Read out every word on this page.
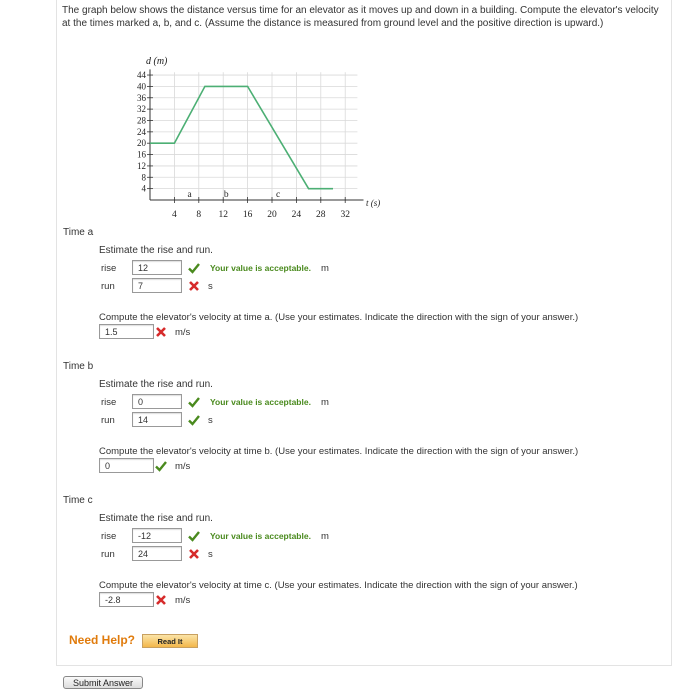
The graph below shows the distance versus time for an elevator as it moves up and down in a building. Compute the elevator's velocity at the times marked a, b, and c. (Assume the distance is measured from ground level and the positive direction is upward.)
d (m)
t (s)
4
8
12
16
20
24
28
32
36
40
44
4 8 12 16 20 24 28 32
a	b	c
Time a
Estimate the rise and run.
rise	12	Your value is acceptable. m
run	7	s
Compute the elevator's velocity at time a. (Use your estimates. Indicate the direction with the sign of your answer.)
1.5	m/s
Time b
Estimate the rise and run.
rise	0	Your value is acceptable. m
run	14	s
Compute the elevator's velocity at time b. (Use your estimates. Indicate the direction with the sign of your answer.)
0	m/s
Time c
Estimate the rise and run.
rise	-12	Your value is acceptable. m
run	24	s
Compute the elevator's velocity at time c. (Use your estimates. Indicate the direction with the sign of your answer.)
-2.8	m/s
Need Help?	Read It
Submit Answer
